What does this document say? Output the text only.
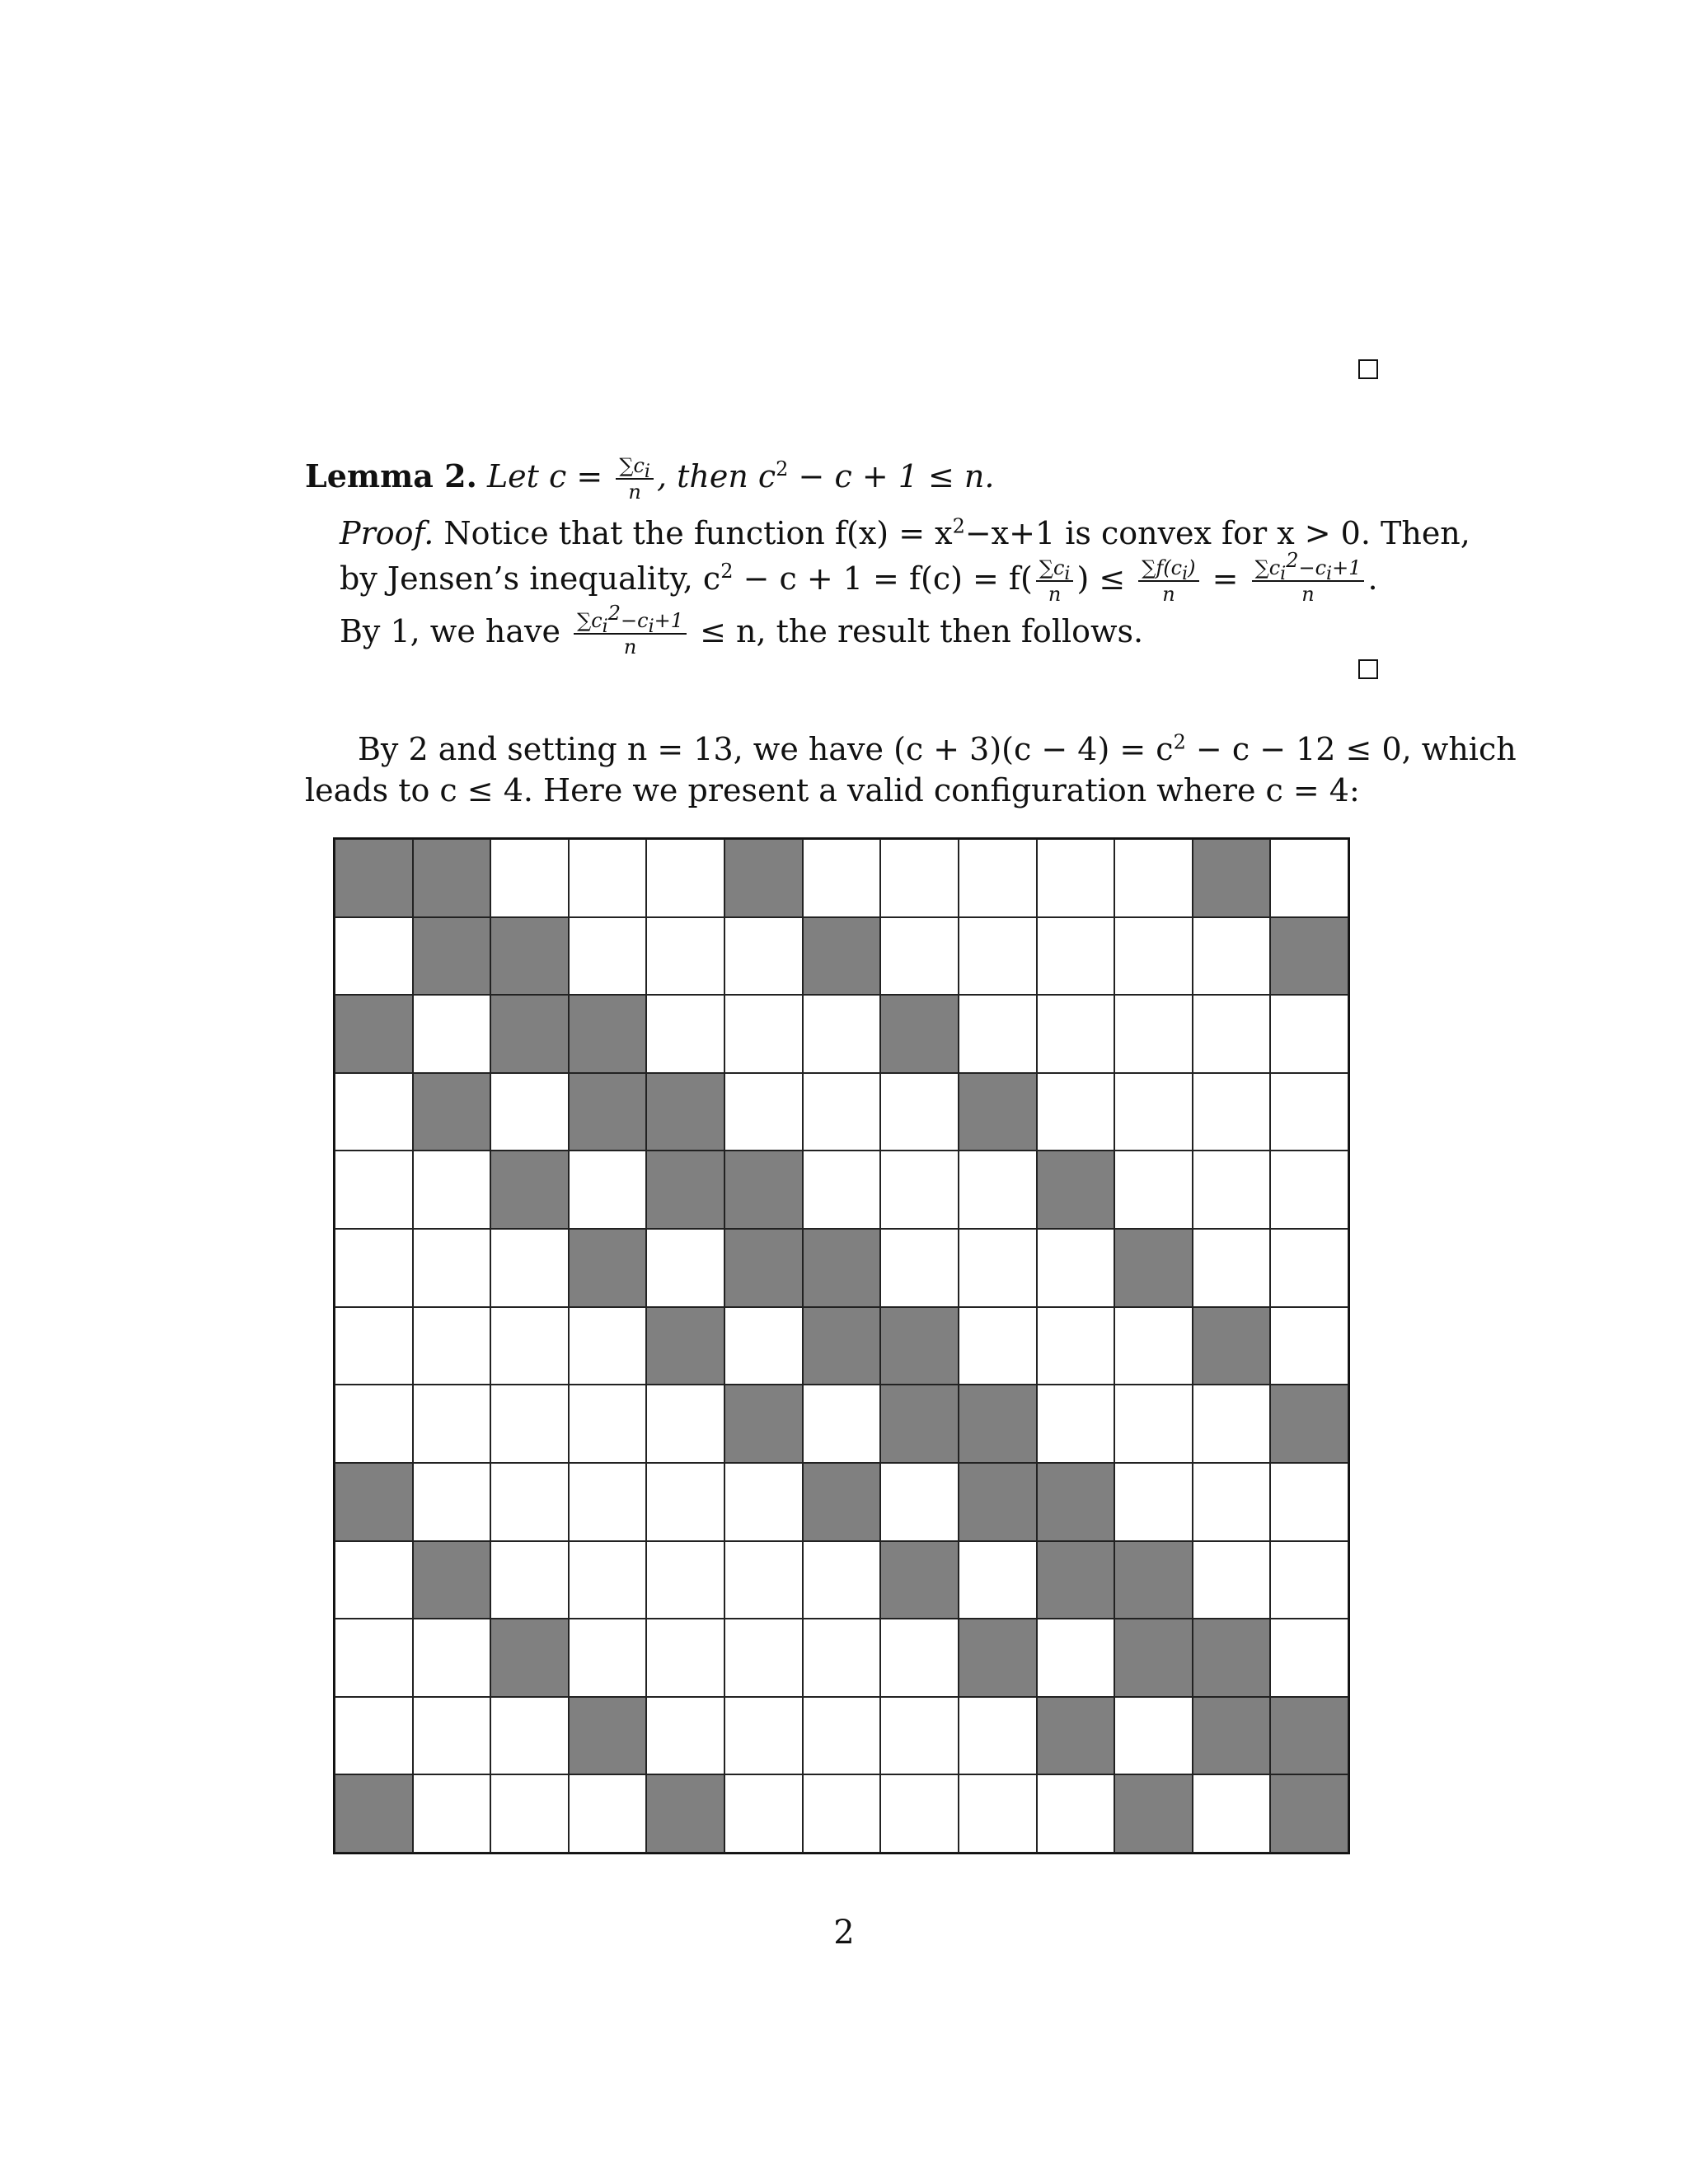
Lemma 2. Let $c = \frac{\sum c_i}{n}$ , then $c^2 - c + 1 \le n$.
Proof. Notice that the function $f(x) = x^2-x+1$ is convex for x > 0. Then,
by Jensen’s inequality, $c^2 - c + 1 = f(c) = f( \frac{\sum c_i}{n}$ ) ≤ $\frac{\sum f(c_i)}{n} = \frac{\sum c_i^2-c_i+1}{n}$ .
By 1, we have $\frac{\sum c_i^2-c_i+1}{n} \le n$, the result then follows.
By 2 and setting n = 13, we have $(c + 3)(c - 4) = c^2 - c - 12 \le 0$, which
leads to c ≤ 4. Here we present a valid configuration where c = 4:
2
